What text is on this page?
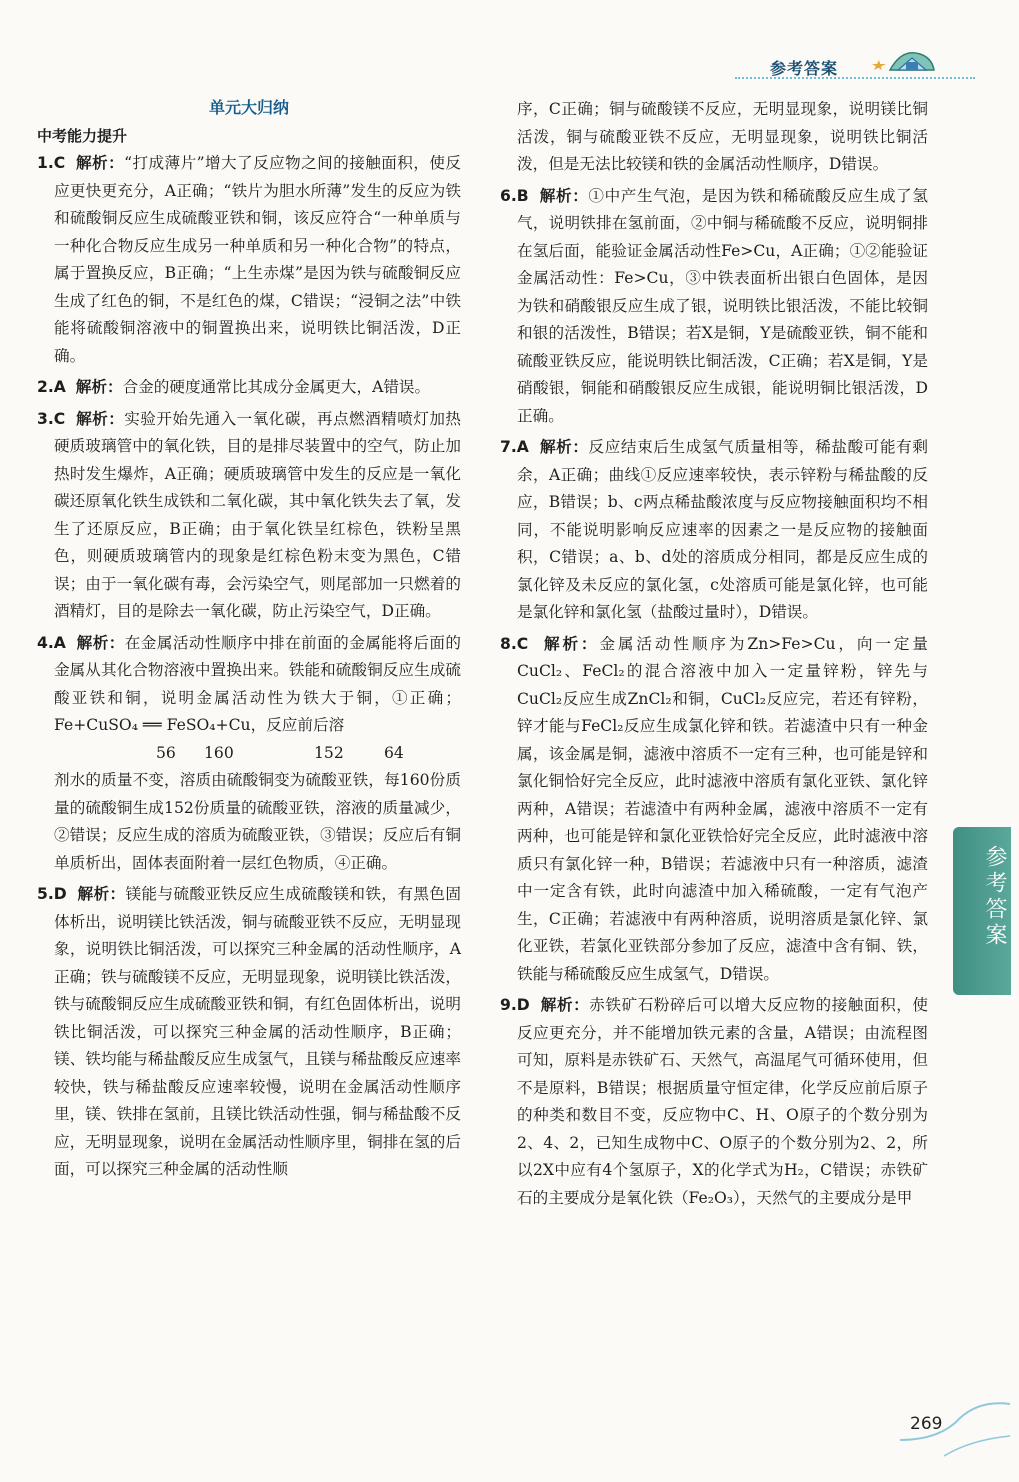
参考答案
单元大归纳
中考能力提升

1.C 解析：“打成薄片”增大了反应物之间的接触面积，使反应更快更充分，A正确；“铁片为胆水所薄”发生的反应为铁和硫酸铜反应生成硫酸亚铁和铜，该反应符合“一种单质与一种化合物反应生成另一种单质和另一种化合物”的特点，属于置换反应，B正确；“上生赤煤”是因为铁与硫酸铜反应生成了红色的铜，不是红色的煤，C错误；“浸铜之法”中铁能将硫酸铜溶液中的铜置换出来，说明铁比铜活泼，D正确。

2.A 解析：合金的硬度通常比其成分金属更大，A错误。

3.C 解析：实验开始先通入一氧化碳，再点燃酒精喷灯加热硬质玻璃管中的氧化铁，目的是排尽装置中的空气，防止加热时发生爆炸，A正确；硬质玻璃管中发生的反应是一氧化碳还原氧化铁生成铁和二氧化碳，其中氧化铁失去了氧，发生了还原反应，B正确；由于氧化铁呈红棕色，铁粉呈黑色，则硬质玻璃管内的现象是红棕色粉末变为黑色，C错误；由于一氧化碳有毒，会污染空气，则尾部加一只燃着的酒精灯，目的是除去一氧化碳，防止污染空气，D正确。

4.A 解析：在金属活动性顺序中排在前面的金属能将后面的金属从其化合物溶液中置换出来。铁能和硫酸铜反应生成硫酸亚铁和铜，说明金属活动性为铁大于铜，①正确；Fe+CuSO₄ ══ FeSO₄+Cu，反应前后溶
56 160	152	64
剂水的质量不变，溶质由硫酸铜变为硫酸亚铁，每160份质量的硫酸铜生成152份质量的硫酸亚铁，溶液的质量减少，②错误；反应生成的溶质为硫酸亚铁，③错误；反应后有铜单质析出，固体表面附着一层红色物质，④正确。

5.D 解析：镁能与硫酸亚铁反应生成硫酸镁和铁，有黑色固体析出，说明镁比铁活泼，铜与硫酸亚铁不反应，无明显现象，说明铁比铜活泼，可以探究三种金属的活动性顺序，A正确；铁与硫酸镁不反应，无明显现象，说明镁比铁活泼，铁与硫酸铜反应生成硫酸亚铁和铜，有红色固体析出，说明铁比铜活泼，可以探究三种金属的活动性顺序，B正确；镁、铁均能与稀盐酸反应生成氢气，且镁与稀盐酸反应速率较快，铁与稀盐酸反应速率较慢，说明在金属活动性顺序里，镁、铁排在氢前，且镁比铁活动性强，铜与稀盐酸不反应，无明显现象，说明在金属活动性顺序里，铜排在氢的后面，可以探究三种金属的活动性顺

序，C正确；铜与硫酸镁不反应，无明显现象，说明镁比铜活泼，铜与硫酸亚铁不反应，无明显现象，说明铁比铜活泼，但是无法比较镁和铁的金属活动性顺序，D错误。

6.B 解析：①中产生气泡，是因为铁和稀硫酸反应生成了氢气，说明铁排在氢前面，②中铜与稀硫酸不反应，说明铜排在氢后面，能验证金属活动性Fe>Cu，A正确；①②能验证金属活动性：Fe>Cu，③中铁表面析出银白色固体，是因为铁和硝酸银反应生成了银，说明铁比银活泼，不能比较铜和银的活泼性，B错误；若X是铜，Y是硫酸亚铁，铜不能和硫酸亚铁反应，能说明铁比铜活泼，C正确；若X是铜，Y是硝酸银，铜能和硝酸银反应生成银，能说明铜比银活泼，D正确。

7.A 解析：反应结束后生成氢气质量相等，稀盐酸可能有剩余，A正确；曲线①反应速率较快，表示锌粉与稀盐酸的反应，B错误；b、c两点稀盐酸浓度与反应物接触面积均不相同，不能说明影响反应速率的因素之一是反应物的接触面积，C错误；a、b、d处的溶质成分相同，都是反应生成的氯化锌及未反应的氯化氢，c处溶质可能是氯化锌，也可能是氯化锌和氯化氢（盐酸过量时），D错误。

8.C 解析：金属活动性顺序为Zn>Fe>Cu，向一定量CuCl₂、FeCl₂的混合溶液中加入一定量锌粉，锌先与CuCl₂反应生成ZnCl₂和铜，CuCl₂反应完，若还有锌粉，锌才能与FeCl₂反应生成氯化锌和铁。若滤渣中只有一种金属，该金属是铜，滤液中溶质不一定有三种，也可能是锌和氯化铜恰好完全反应，此时滤液中溶质有氯化亚铁、氯化锌两种，A错误；若滤渣中有两种金属，滤液中溶质不一定有两种，也可能是锌和氯化亚铁恰好完全反应，此时滤液中溶质只有氯化锌一种，B错误；若滤液中只有一种溶质，滤渣中一定含有铁，此时向滤渣中加入稀硫酸，一定有气泡产生，C正确；若滤液中有两种溶质，说明溶质是氯化锌、氯化亚铁，若氯化亚铁部分参加了反应，滤渣中含有铜、铁，铁能与稀硫酸反应生成氢气，D错误。

9.D 解析：赤铁矿石粉碎后可以增大反应物的接触面积，使反应更充分，并不能增加铁元素的含量，A错误；由流程图可知，原料是赤铁矿石、天然气，高温尾气可循环使用，但不是原料，B错误；根据质量守恒定律，化学反应前后原子的种类和数目不变，反应物中C、H、O原子的个数分别为2、4、2，已知生成物中C、O原子的个数分别为2、2，所以2X中应有4个氢原子，X的化学式为H₂，C错误；赤铁矿石的主要成分是氧化铁（Fe₂O₃），天然气的主要成分是甲

参考答案
269
